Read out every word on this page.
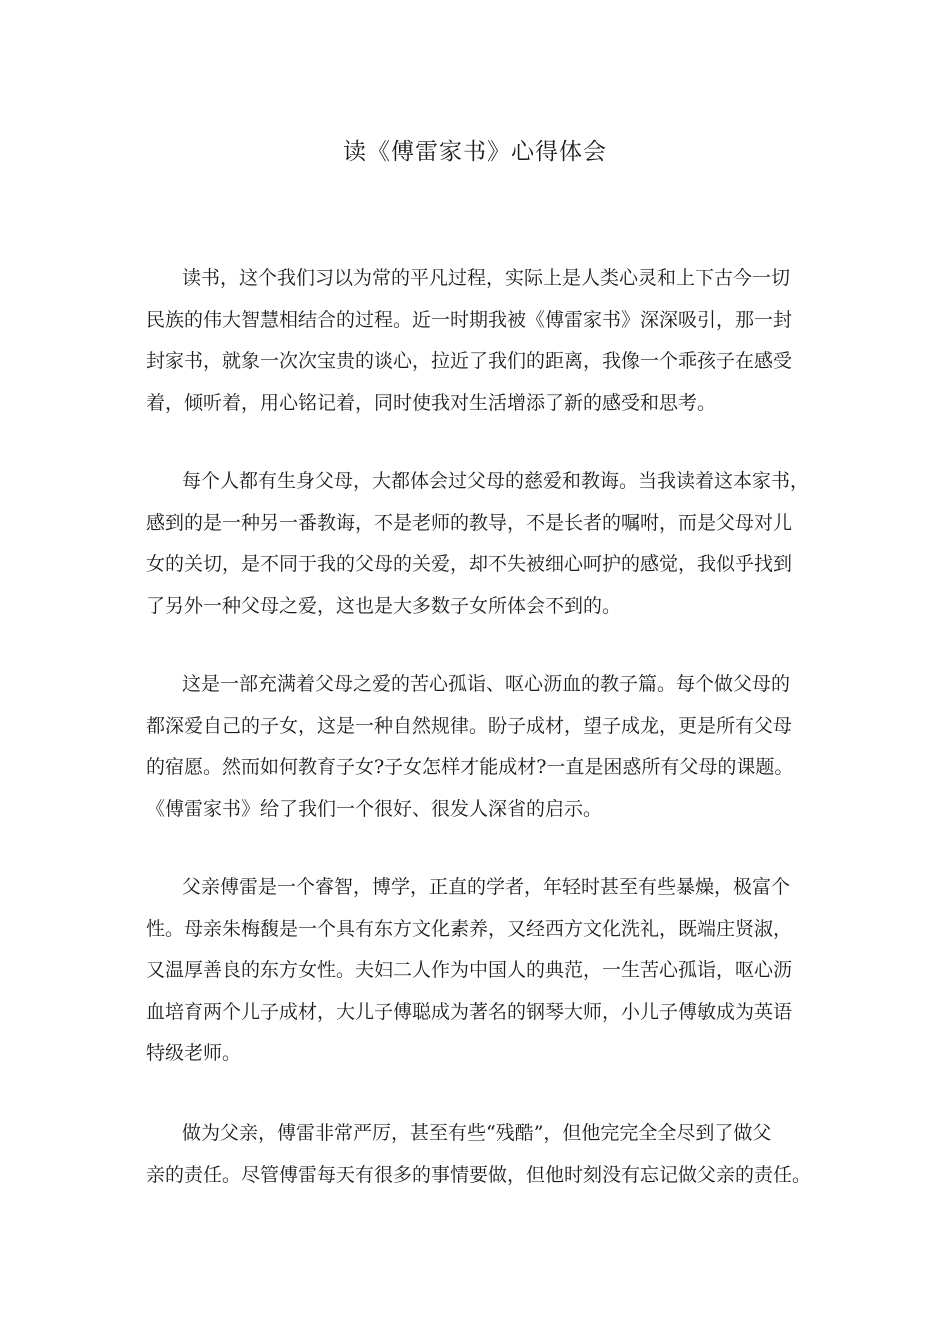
读《傅雷家书》心得体会

读书，这个我们习以为常的平凡过程，实际上是人类心灵和上下古今一切
民族的伟大智慧相结合的过程。近一时期我被《傅雷家书》深深吸引，那一封
封家书，就象一次次宝贵的谈心，拉近了我们的距离，我像一个乖孩子在感受
着，倾听着，用心铭记着，同时使我对生活增添了新的感受和思考。

每个人都有生身父母，大都体会过父母的慈爱和教诲。当我读着这本家书，
感到的是一种另一番教诲，不是老师的教导，不是长者的嘱咐，而是父母对儿
女的关切，是不同于我的父母的关爱，却不失被细心呵护的感觉，我似乎找到
了另外一种父母之爱，这也是大多数子女所体会不到的。

这是一部充满着父母之爱的苦心孤诣、呕心沥血的教子篇。每个做父母的
都深爱自己的子女，这是一种自然规律。盼子成材，望子成龙，更是所有父母
的宿愿。然而如何教育子女?子女怎样才能成材?一直是困惑所有父母的课题。
《傅雷家书》给了我们一个很好、很发人深省的启示。

父亲傅雷是一个睿智，博学，正直的学者，年轻时甚至有些暴燥，极富个
性。母亲朱梅馥是一个具有东方文化素养，又经西方文化洗礼，既端庄贤淑，
又温厚善良的东方女性。夫妇二人作为中国人的典范，一生苦心孤诣，呕心沥
血培育两个儿子成材，大儿子傅聪成为著名的钢琴大师，小儿子傅敏成为英语
特级老师。

做为父亲，傅雷非常严厉，甚至有些“残酷”，但他完完全全尽到了做父
亲的责任。尽管傅雷每天有很多的事情要做，但他时刻没有忘记做父亲的责任。
